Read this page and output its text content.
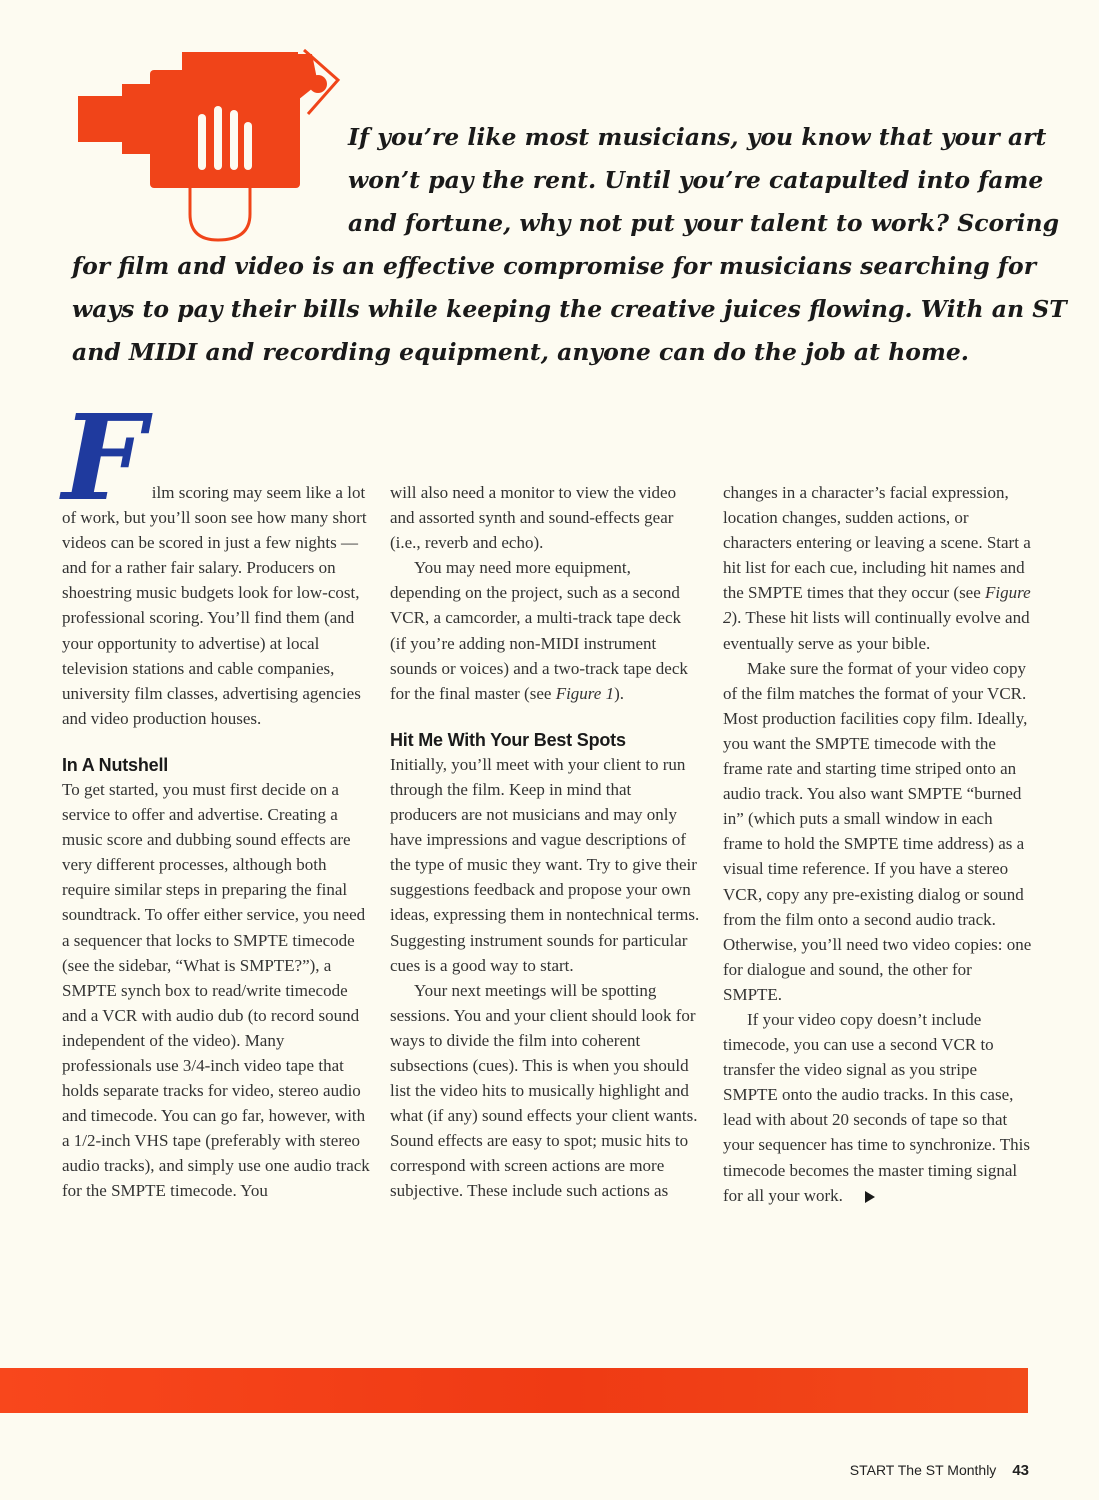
If you’re like most musicians, you know that your art
won’t pay the rent. Until you’re catapulted into fame
and fortune, why not put your talent to work? Scoring
for film and video is an effective compromise for musicians searching for
ways to pay their bills while keeping the creative juices flowing. With an ST
and MIDI and recording equipment, anyone can do the job at home.

Film scoring may seem like a lot of work, but you’ll soon see how many short videos can be scored in just a few nights — and for a rather fair salary. Producers on shoestring music budgets look for low-cost, professional scoring. You’ll find them (and your opportunity to advertise) at local television stations and cable companies, university film classes, advertising agencies and video production houses.

In A Nutshell

To get started, you must first decide on a service to offer and advertise. Creating a music score and dubbing sound effects are very different processes, although both require similar steps in preparing the final soundtrack. To offer either service, you need a sequencer that locks to SMPTE timecode (see the sidebar, “What is SMPTE?”), a SMPTE synch box to read/write timecode and a VCR with audio dub (to record sound independent of the video). Many professionals use 3/4-inch video tape that holds separate tracks for video, stereo audio and timecode. You can go far, however, with a 1/2-inch VHS tape (preferably with stereo audio tracks), and simply use one audio track for the SMPTE timecode. You

will also need a monitor to view the video and assorted synth and sound-effects gear (i.e., reverb and echo).

You may need more equipment, depending on the project, such as a second VCR, a camcorder, a multi-track tape deck (if you’re adding non-MIDI instrument sounds or voices) and a two-track tape deck for the final master (see Figure 1).

Hit Me With Your Best Spots

Initially, you’ll meet with your client to run through the film. Keep in mind that producers are not musicians and may only have impressions and vague descriptions of the type of music they want. Try to give their suggestions feedback and propose your own ideas, expressing them in nontechnical terms. Suggesting instrument sounds for particular cues is a good way to start.

Your next meetings will be spotting sessions. You and your client should look for ways to divide the film into coherent subsections (cues). This is when you should list the video hits to musically highlight and what (if any) sound effects your client wants. Sound effects are easy to spot; music hits to correspond with screen actions are more subjective. These include such actions as

changes in a character’s facial expression, location changes, sudden actions, or characters entering or leaving a scene. Start a hit list for each cue, including hit names and the SMPTE times that they occur (see Figure 2). These hit lists will continually evolve and eventually serve as your bible.

Make sure the format of your video copy of the film matches the format of your VCR. Most production facilities copy film. Ideally, you want the SMPTE timecode with the frame rate and starting time striped onto an audio track. You also want SMPTE “burned in” (which puts a small window in each frame to hold the SMPTE time address) as a visual time reference. If you have a stereo VCR, copy any pre-existing dialog or sound from the film onto a second audio track. Otherwise, you’ll need two video copies: one for dialogue and sound, the other for SMPTE.

If your video copy doesn’t include timecode, you can use a second VCR to transfer the video signal as you stripe SMPTE onto the audio tracks. In this case, lead with about 20 seconds of tape so that your sequencer has time to synchronize. This timecode becomes the master timing signal for all your work.

START The ST Monthly 43
